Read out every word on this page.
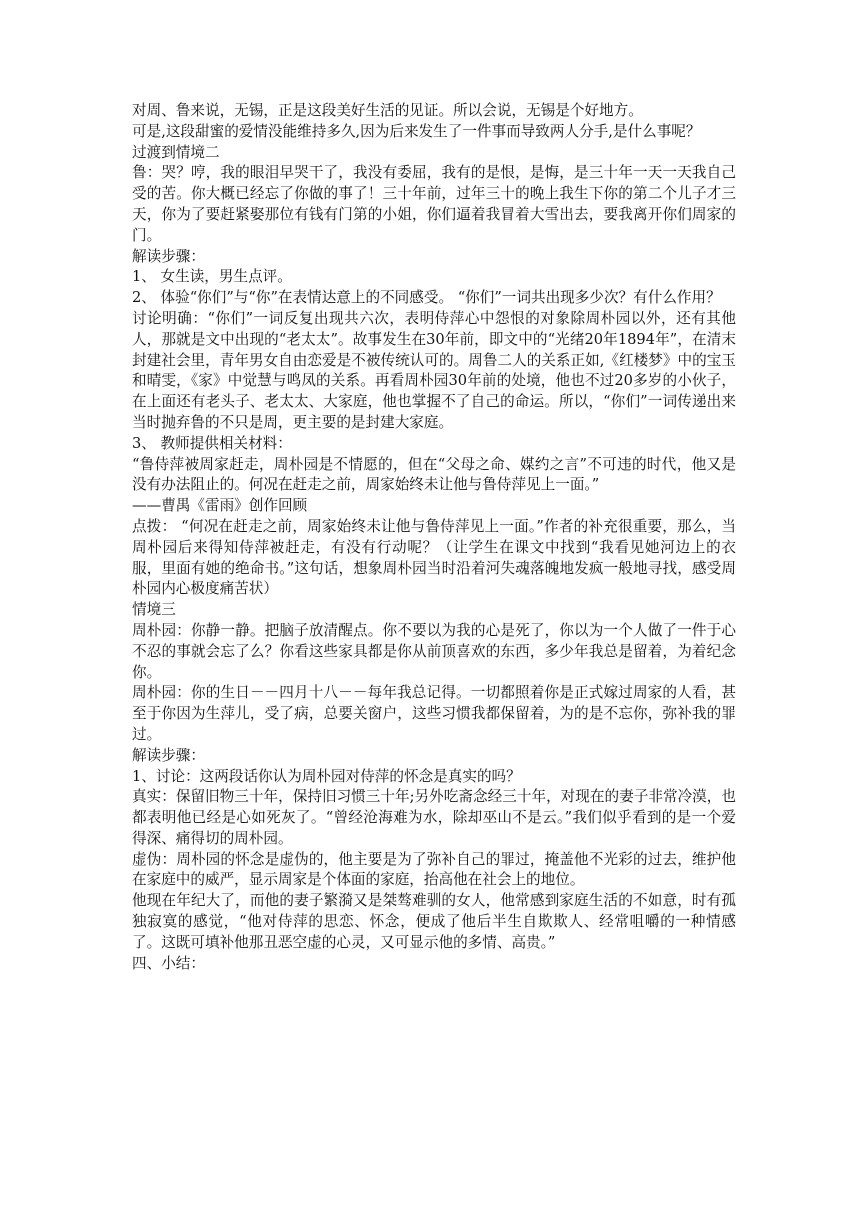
对周、鲁来说，无锡，正是这段美好生活的见证。所以会说，无锡是个好地方。

可是,这段甜蜜的爱情没能维持多久,因为后来发生了一件事而导致两人分手,是什么事呢？

过渡到情境二

鲁：哭？哼，我的眼泪早哭干了，我没有委屈，我有的是恨，是悔，是三十年一天一天我自己受的苦。你大概已经忘了你做的事了！三十年前，过年三十的晚上我生下你的第二个儿子才三天，你为了要赶紧娶那位有钱有门第的小姐，你们逼着我冒着大雪出去，要我离开你们周家的门。

解读步骤：

1、 女生读，男生点评。

2、 体验“你们”与“你”在表情达意上的不同感受。 “你们”一词共出现多少次？有什么作用？

讨论明确：“你们”一词反复出现共六次，表明侍萍心中怨恨的对象除周朴园以外，还有其他人，那就是文中出现的“老太太”。故事发生在30年前，即文中的“光绪20年1894年”，在清末封建社会里，青年男女自由恋爱是不被传统认可的。周鲁二人的关系正如,《红楼梦》中的宝玉和晴雯，《家》中觉慧与鸣凤的关系。再看周朴园30年前的处境，他也不过20多岁的小伙子，在上面还有老头子、老太太、大家庭，他也掌握不了自己的命运。所以，“你们”一词传递出来当时抛弃鲁的不只是周，更主要的是封建大家庭。

3、 教师提供相关材料：

“鲁侍萍被周家赶走，周朴园是不情愿的，但在“父母之命、媒约之言”不可违的时代，他又是没有办法阻止的。何况在赶走之前，周家始终未让他与鲁侍萍见上一面。”

——曹禺《雷雨》创作回顾

点拨： “何况在赶走之前，周家始终未让他与鲁侍萍见上一面。”作者的补充很重要，那么，当周朴园后来得知侍萍被赶走，有没有行动呢？（让学生在课文中找到“我看见她河边上的衣服，里面有她的绝命书。”这句话，想象周朴园当时沿着河失魂落魄地发疯一般地寻找，感受周朴园内心极度痛苦状）

情境三

周朴园：你静一静。把脑子放清醒点。你不要以为我的心是死了，你以为一个人做了一件于心不忍的事就会忘了么？你看这些家具都是你从前顶喜欢的东西，多少年我总是留着，为着纪念你。

周朴园：你的生日－－四月十八－－每年我总记得。一切都照着你是正式嫁过周家的人看，甚至于你因为生萍儿，受了病，总要关窗户，这些习惯我都保留着，为的是不忘你，弥补我的罪过。

解读步骤：

1、讨论：这两段话你认为周朴园对侍萍的怀念是真实的吗？

真实：保留旧物三十年，保持旧习惯三十年;另外吃斋念经三十年，对现在的妻子非常冷漠，也都表明他已经是心如死灰了。“曾经沧海难为水，除却巫山不是云。”我们似乎看到的是一个爱得深、痛得切的周朴园。

虚伪：周朴园的怀念是虚伪的，他主要是为了弥补自己的罪过，掩盖他不光彩的过去，维护他在家庭中的威严，显示周家是个体面的家庭，抬高他在社会上的地位。

他现在年纪大了，而他的妻子繁漪又是桀骜难驯的女人，他常感到家庭生活的不如意，时有孤独寂寞的感觉，“他对侍萍的思恋、怀念，便成了他后半生自欺欺人、经常咀嚼的一种情感了。这既可填补他那丑恶空虚的心灵，又可显示他的多情、高贵。”

四、小结：
